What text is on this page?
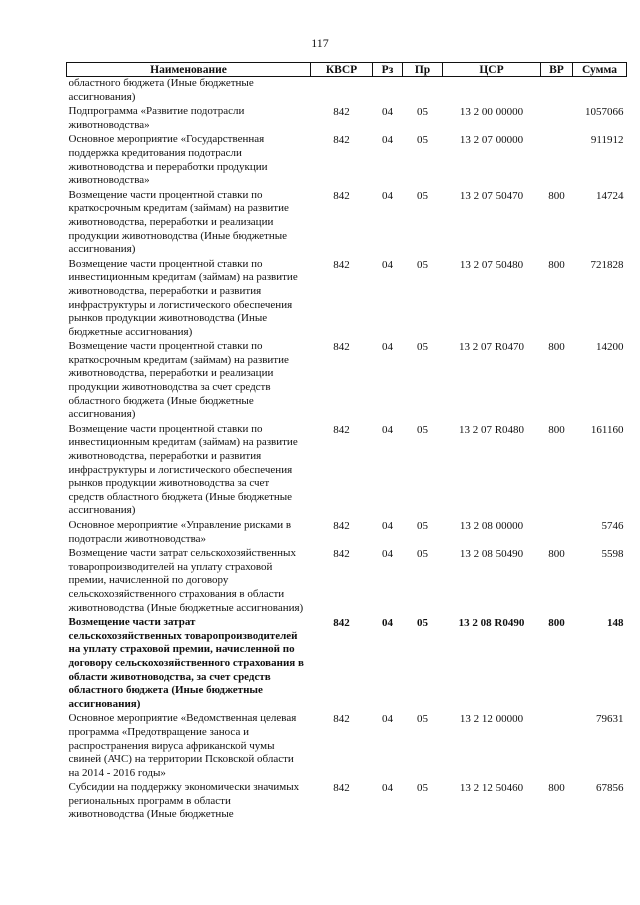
117
Наименование	КВСР	Рз	Пр	ЦСР	ВР	Сумма
областного бюджета (Иные бюджетные ассигнования)						
Подпрограмма «Развитие подотрасли животноводства»	842	04	05	13 2 00 00000		1057066
Основное мероприятие «Государственная поддержка кредитования подотрасли животноводства и переработки продукции животноводства»	842	04	05	13 2 07 00000		911912
Возмещение части процентной ставки по краткосрочным кредитам (займам) на развитие животноводства, переработки и реализации продукции животноводства (Иные бюджетные ассигнования)	842	04	05	13 2 07 50470	800	14724
Возмещение части процентной ставки по инвестиционным кредитам (займам) на развитие животноводства, переработки и развития инфраструктуры и логистического обеспечения рынков продукции животноводства (Иные бюджетные ассигнования)	842	04	05	13 2 07 50480	800	721828
Возмещение части процентной ставки по краткосрочным кредитам (займам) на развитие животноводства, переработки и реализации продукции животноводства за счет средств областного бюджета (Иные бюджетные ассигнования)	842	04	05	13 2 07 R0470	800	14200
Возмещение части процентной ставки по инвестиционным кредитам (займам) на развитие животноводства, переработки и развития инфраструктуры и логистического обеспечения рынков продукции животноводства за счет средств областного бюджета (Иные бюджетные ассигнования)	842	04	05	13 2 07 R0480	800	161160
Основное мероприятие «Управление рисками в подотрасли животноводства»	842	04	05	13 2 08 00000		5746
Возмещение части затрат сельскохозяйственных товаропроизводителей на уплату страховой премии, начисленной по договору сельскохозяйственного страхования в области животноводства (Иные бюджетные ассигнования)	842	04	05	13 2 08 50490	800	5598
Возмещение части затрат сельскохозяйственных товаропроизводителей на уплату страховой премии, начисленной по договору сельскохозяйственного страхования в области животноводства, за счет средств областного бюджета (Иные бюджетные ассигнования)	842	04	05	13 2 08 R0490	800	148
Основное мероприятие «Ведомственная целевая программа «Предотвращение заноса и распространения вируса африканской чумы свиней (АЧС) на территории Псковской области на 2014 - 2016 годы»	842	04	05	13 2 12 00000		79631
Субсидии на поддержку экономически значимых региональных программ в области животноводства (Иные бюджетные	842	04	05	13 2 12 50460	800	67856
